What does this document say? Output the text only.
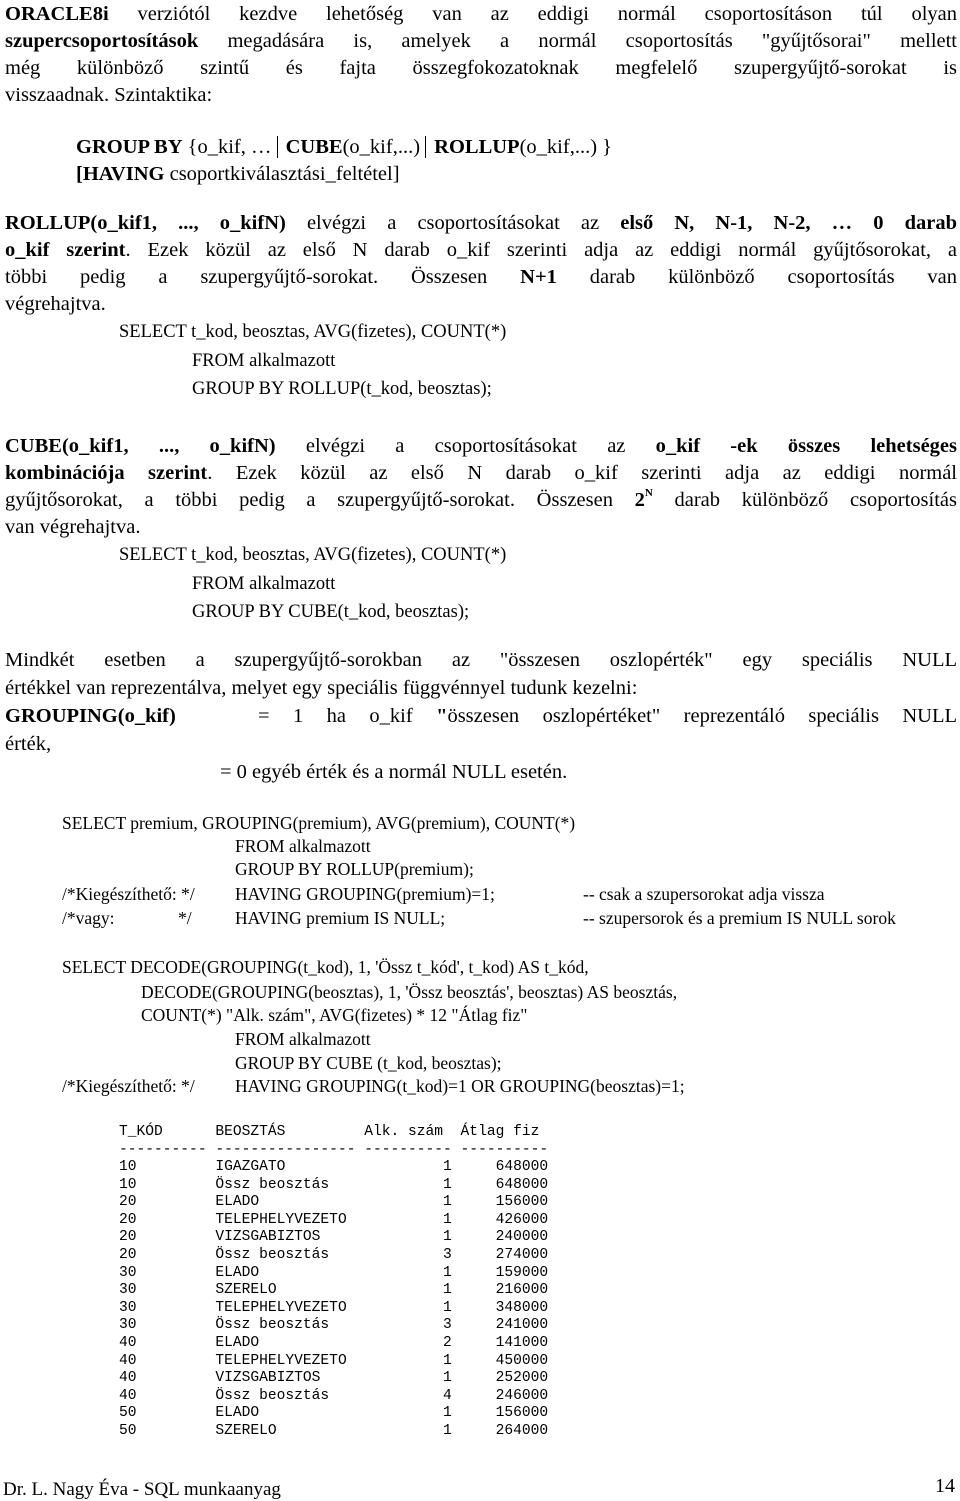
ORACLE8i verziótól kezdve lehetőség van az eddigi normál csoportosításon túl olyan
szupercsoportosítások megadására is, amelyek a normál csoportosítás "gyűjtősorai" mellett
még különböző szintű és fajta összegfokozatoknak megfelelő szupergyűjtő-sorokat is
visszaadnak. Szintaktika:
GROUP BY {o_kif, … CUBE(o_kif,...) ROLLUP(o_kif,...) }
[HAVING csoportkiválasztási_feltétel]
ROLLUP(o_kif1, ..., o_kifN) elvégzi a csoportosításokat az első N, N-1, N-2, … 0 darab
o_kif szerint. Ezek közül az első N darab o_kif szerinti adja az eddigi normál gyűjtősorokat, a
többi pedig a szupergyűjtő-sorokat. Összesen N+1 darab különböző csoportosítás van
végrehajtva.
SELECT t_kod, beosztas, AVG(fizetes), COUNT(*)
FROM alkalmazott
GROUP BY ROLLUP(t_kod, beosztas);
CUBE(o_kif1, ..., o_kifN) elvégzi a csoportosításokat az o_kif -ek összes lehetséges
kombinációja szerint. Ezek közül az első N darab o_kif szerinti adja az eddigi normál
gyűjtősorokat, a többi pedig a szupergyűjtő-sorokat. Összesen $2^N$ darab különböző csoportosítás
van végrehajtva.
SELECT t_kod, beosztas, AVG(fizetes), COUNT(*)
FROM alkalmazott
GROUP BY CUBE(t_kod, beosztas);
Mindkét esetben a szupergyűjtő-sorokban az "összesen oszlopérték" egy speciális NULL
értékkel van reprezentálva, melyet egy speciális függvénnyel tudunk kezelni:
GROUPING(o_kif)	= 1 ha o_kif "összesen oszlopértéket" reprezentáló speciális NULL
érték,
= 0 egyéb érték és a normál NULL esetén.
SELECT premium, GROUPING(premium), AVG(premium), COUNT(*)
FROM alkalmazott
GROUP BY ROLLUP(premium);
/*Kiegészíthető: */ HAVING GROUPING(premium)=1;	-- csak a szupersorokat adja vissza
/*vagy:	*/ HAVING premium IS NULL;	-- szupersorok és a premium IS NULL sorok
SELECT DECODE(GROUPING(t_kod), 1, 'Össz t_kód', t_kod) AS t_kód,
DECODE(GROUPING(beosztas), 1, 'Össz beosztás', beosztas) AS beosztás,
COUNT(*) "Alk. szám", AVG(fizetes) * 12 "Átlag fiz"
FROM alkalmazott
GROUP BY CUBE (t_kod, beosztas);
/*Kiegészíthető: */ HAVING GROUPING(t_kod)=1 OR GROUPING(beosztas)=1;
T_KÓD      BEOSZTÁS         Alk. szám  Átlag fiz
---------- ---------------- ---------- ----------
10         IGAZGATO                  1     648000
10         Össz beosztás             1     648000
20         ELADO                     1     156000
20         TELEPHELYVEZETO           1     426000
20         VIZSGABIZTOS              1     240000
20         Össz beosztás             3     274000
30         ELADO                     1     159000
30         SZERELO                   1     216000
30         TELEPHELYVEZETO           1     348000
30         Össz beosztás             3     241000
40         ELADO                     2     141000
40         TELEPHELYVEZETO           1     450000
40         VIZSGABIZTOS              1     252000
40         Össz beosztás             4     246000
50         ELADO                     1     156000
50         SZERELO                   1     264000
Dr. L. Nagy Éva - SQL munkaanyag	14
